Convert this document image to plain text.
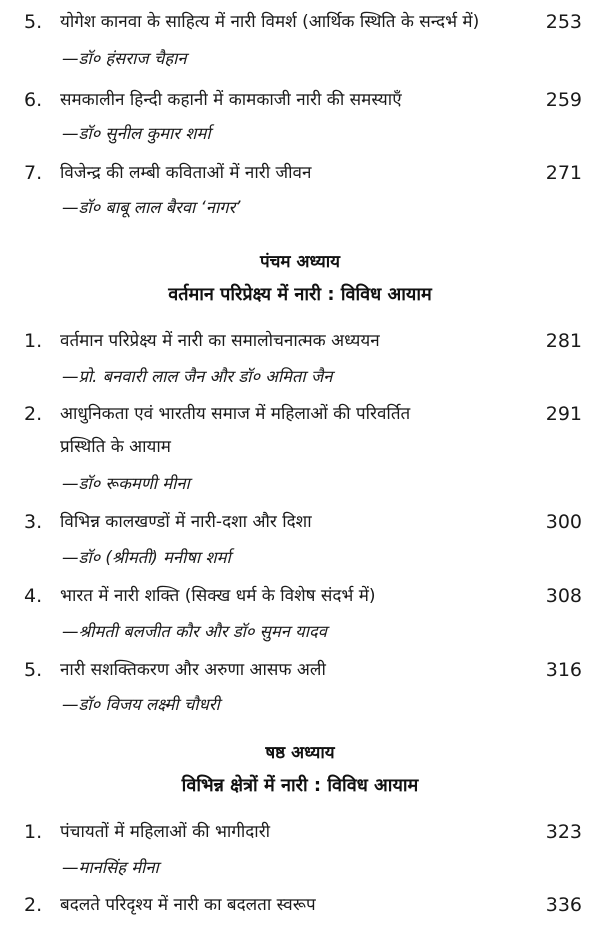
5. योगेश कानवा के साहित्य में नारी विमर्श (आर्थिक स्थिति के सन्दर्भ में)	253
—डॉ० हंसराज चैहान
6. समकालीन हिन्दी कहानी में कामकाजी नारी की समस्याएँ	259
—डॉ० सुनील कुमार शर्मा
7. विजेन्द्र की लम्बी कविताओं में नारी जीवन	271
—डॉ० बाबू लाल बैरवा ‘नागर’
पंचम अध्याय
वर्तमान परिप्रेक्ष्य में नारी : विविध आयाम
1. वर्तमान परिप्रेक्ष्य में नारी का समालोचनात्मक अध्ययन	281
—प्रो. बनवारी लाल जैन और डॉ० अमिता जैन
2. आधुनिकता एवं भारतीय समाज में महिलाओं की परिवर्तित	291
प्रस्थिति के आयाम
—डॉ० रूकमणी मीना
3. विभिन्न कालखण्डों में नारी-दशा और दिशा	300
—डॉ० (श्रीमती) मनीषा शर्मा
4. भारत में नारी शक्ति (सिक्ख धर्म के विशेष संदर्भ में)	308
—श्रीमती बलजीत कौर और डॉ० सुमन यादव
5. नारी सशक्तिकरण और अरुणा आसफ अली	316
—डॉ० विजय लक्ष्मी चौधरी
षष्ठ अध्याय
विभिन्न क्षेत्रों में नारी : विविध आयाम
1. पंचायतों में महिलाओं की भागीदारी	323
—मानसिंह मीना
2. बदलते परिदृश्य में नारी का बदलता स्वरूप	336
